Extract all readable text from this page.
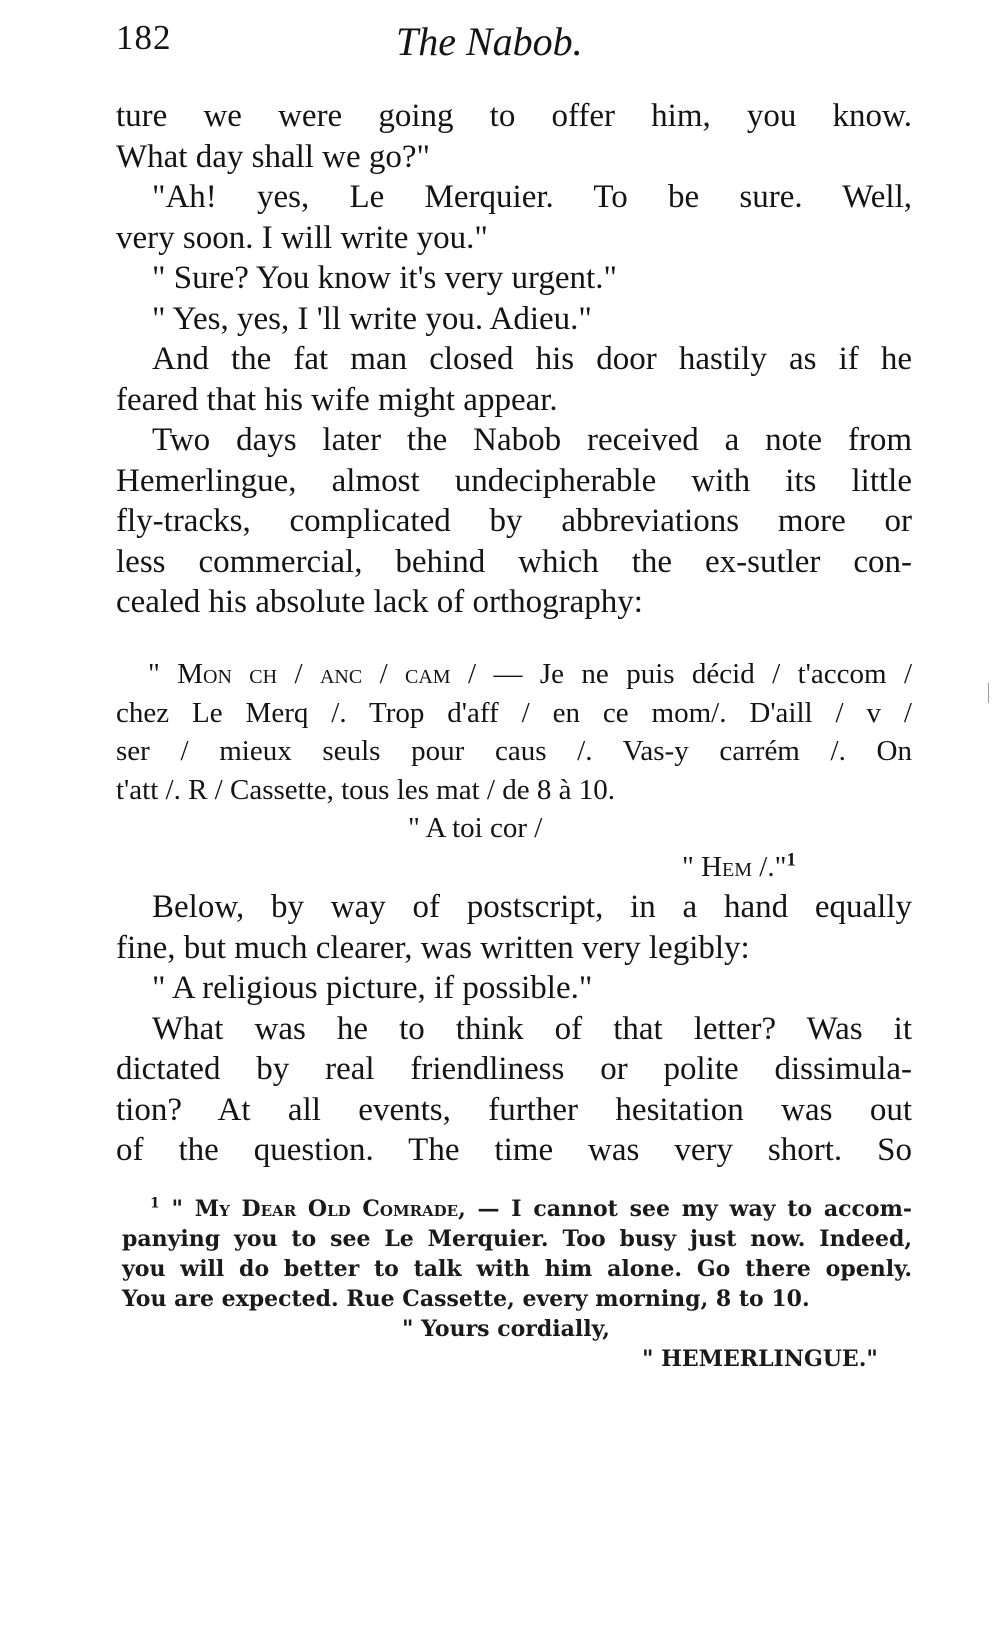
182	The Nabob.
ture we were going to offer him, you know.
What day shall we go?"
"Ah! yes, Le Merquier. To be sure. Well,
very soon. I will write you."
" Sure? You know it's very urgent."
" Yes, yes, I 'll write you. Adieu."
And the fat man closed his door hastily as if he
feared that his wife might appear.
Two days later the Nabob received a note from
Hemerlingue, almost undecipherable with its little
fly-tracks, complicated by abbreviations more or
less commercial, behind which the ex-sutler con-
cealed his absolute lack of orthography:
" Mon ch / anc / cam / — Je ne puis décid / t'accom /
chez Le Merq /. Trop d'aff / en ce mom/. D'aill / v /
ser / mieux seuls pour caus /. Vas-y carrém /. On
t'att /. R / Cassette, tous les mat / de 8 à 10.
" A toi cor /
" Hem /."$^1$
Below, by way of postscript, in a hand equally
fine, but much clearer, was written very legibly:
" A religious picture, if possible."
What was he to think of that letter? Was it
dictated by real friendliness or polite dissimula-
tion? At all events, further hesitation was out
of the question. The time was very short. So
$^1$ " My Dear Old Comrade, — I cannot see my way to accom-
panying you to see Le Merquier. Too busy just now. Indeed,
you will do better to talk with him alone. Go there openly.
You are expected. Rue Cassette, every morning, 8 to 10.
" Yours cordially,
" HEMERLINGUE."
